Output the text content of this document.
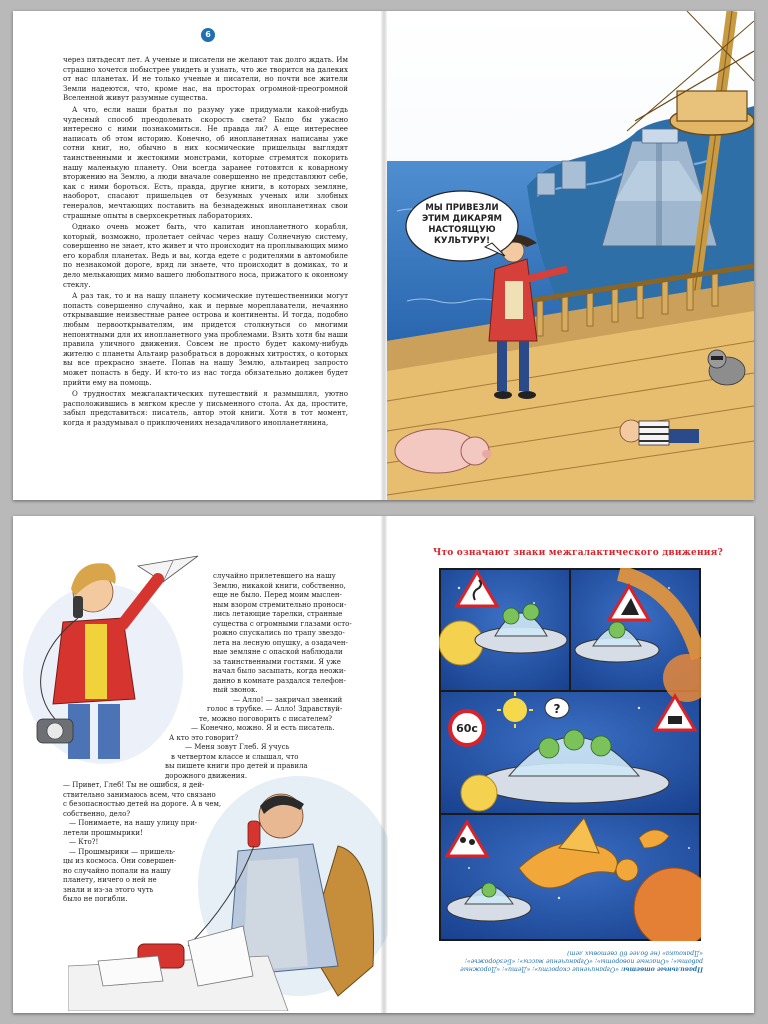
6

через пятьдесят лет. А ученые и писатели не желают так долго ждать. Им страшно хочется побыстрее увидеть и узнать, что же творится на далеких от нас планетах. И не только ученые и писатели, но почти все жители Земли надеются, что, кроме нас, на просторах огромной-преогромной Вселенной живут разумные существа.

А что, если наши братья по разуму уже придумали какой-нибудь чудесный способ преодолевать скорость света? Было бы ужасно интересно с ними познакомиться. Не правда ли? А еще интереснее написать об этом историю. Конечно, об инопланетянах написаны уже сотни книг, но, обычно в них космические пришельцы выглядят таинственными и жестокими монстрами, которые стремятся покорить нашу маленькую планету. Они всегда заранее готовятся к коварному вторжению на Землю, а люди вначале совершенно не представляют себе, как с ними бороться. Есть, правда, другие книги, в которых земляне, наоборот, спасают пришельцев от безумных ученых или злобных генералов, мечтающих поставить на безнадежных инопланетянах свои страшные опыты в сверхсекретных лабораториях.

Однако очень может быть, что капитан инопланетного корабля, который, возможно, пролетает сейчас через нашу Солнечную систему, совершенно не знает, кто живет и что происходит на проплывающих мимо его корабля планетах. Ведь и вы, когда едете с родителями в автомобиле по незнакомой дороге, вряд ли знаете, что происходит в домиках, то и дело мелькающих мимо вашего любопытного носа, прижатого к оконному стеклу.

А раз так, то и на нашу планету космические путешественники могут попасть совершенно случайно, как и первые мореплаватели, нечаянно открывавшие неизвестные ранее острова и континенты. И тогда, подобно любым первооткрывателям, им придется столкнуться со многими непонятными для их инопланетного ума проблемами. Взять хотя бы наши правила уличного движения. Совсем не просто будет какому-нибудь жителю с планеты Альтаир разобраться в дорожных хитростях, о которых вы все прекрасно знаете. Попав на нашу Землю, альтаирец запросто может попасть в беду. И кто-то из нас тогда обязательно должен будет прийти ему на помощь.

О трудностях межгалактических путешествий я размышлял, уютно расположившись в мягком кресле у письменного стола. Ах да, простите, забыл представиться: писатель, автор этой книги. Хотя в тот момент, когда я раздумывал о приключениях незадачливого инопланетянина,

МЫ ПРИВЕЗЛИ
ЭТИМ ДИКАРЯМ
НАСТОЯЩУЮ
КУЛЬТУРУ!
случайно прилетевшего на нашу
Землю, никакой книги, собственно,
еще не было. Перед моим мыслен-
ным взором стремительно проноси-
лись летающие тарелки, странные
существа с огромными глазами осто-
рожно спускались по трапу звездо-
лета на лесную опушку, а озадачен-
ные земляне с опаской наблюдали
за таинственными гостями. Я уже
начал было засыпать, когда неожи-
данно в комнате раздался телефон-
ный звонок.
— Алло! — закричал звенкий
голос в трубке. — Алло! Здравствуй-
те, можно поговорить с писателем?
— Конечно, можно. Я и есть писатель.
А кто это говорит?
— Меня зовут Глеб. Я учусь
в четвертом классе и слышал, что
вы пишете книги про детей и правила
дорожного движения.
— Привет, Глеб! Ты не ошибся, я дей-
ствительно занимаюсь всем, что связано
с безопасностью детей на дороге. А в чем,
собственно, дело?
— Понимаете, на нашу улицу при-
летели прошмырики!
— Кто?!
— Прошмырики — пришель-
цы из космоса. Они совершен-
но случайно попали на нашу
планету, ничего о ней не
знали и из-за этого чуть
было не погибли.
Что означают знаки межгалактического движения?
60с
?
Правильные ответы: «Ограничение скорости»; «Дети»; «Дорожные работы»; «Опасные повороты»; «Ограничение массы»; «Бездорожье»; «Дракошка» (не более 60 световых лет)
